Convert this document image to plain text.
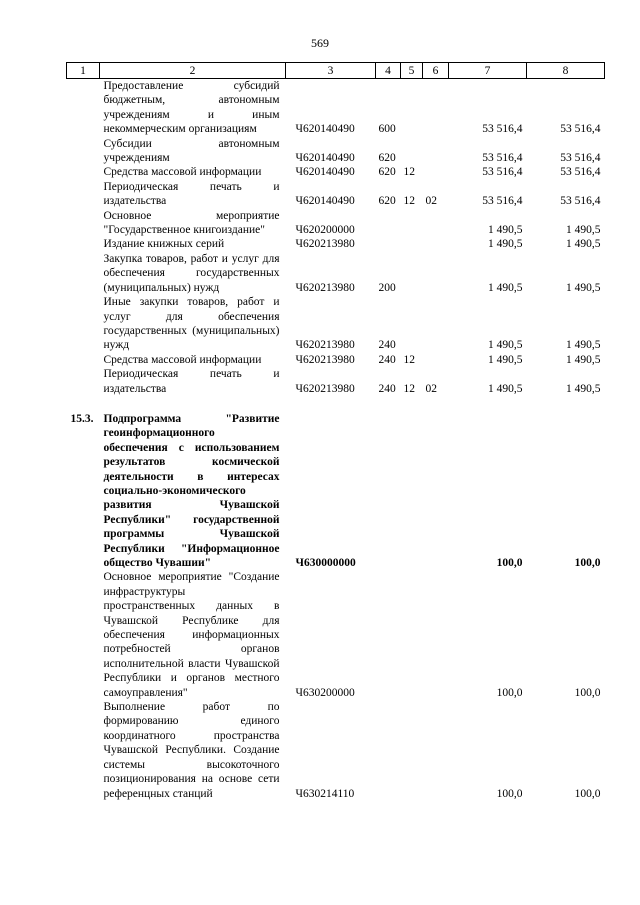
569
1	2	3	4	5	6	7	8
	Предоставление субсидий бюджетным, автономным учреждениям и иным некоммерческим организациям	Ч620140490	600			53 516,4	53 516,4
	Субсидии автономным учреждениям	Ч620140490	620			53 516,4	53 516,4
	Средства массовой информации	Ч620140490	620	12		53 516,4	53 516,4
	Периодическая печать и издательства	Ч620140490	620	12	02	53 516,4	53 516,4
	Основное мероприятие "Государственное книгоиздание"	Ч620200000				1 490,5	1 490,5
	Издание книжных серий	Ч620213980				1 490,5	1 490,5
	Закупка товаров, работ и услуг для обеспечения государственных (муниципальных) нужд	Ч620213980	200			1 490,5	1 490,5
	Иные закупки товаров, работ и услуг для обеспечения государственных (муниципальных) нужд	Ч620213980	240			1 490,5	1 490,5
	Средства массовой информации	Ч620213980	240	12		1 490,5	1 490,5
	Периодическая печать и издательства	Ч620213980	240	12	02	1 490,5	1 490,5

15.3.	Подпрограмма "Развитие геоинформационного обеспечения с использованием результатов космической деятельности в интересах социально-экономического развития Чувашской Республики" государственной программы Чувашской Республики "Информационное общество Чувашии"	Ч630000000				100,0	100,0
	Основное мероприятие "Создание инфраструктуры пространственных данных в Чувашской Республике для обеспечения информационных потребностей органов исполнительной власти Чувашской Республики и органов местного самоуправления"	Ч630200000				100,0	100,0
	Выполнение работ по формированию единого координатного пространства Чувашской Республики. Создание системы высокоточного позиционирования на основе сети референцных станций	Ч630214110				100,0	100,0
